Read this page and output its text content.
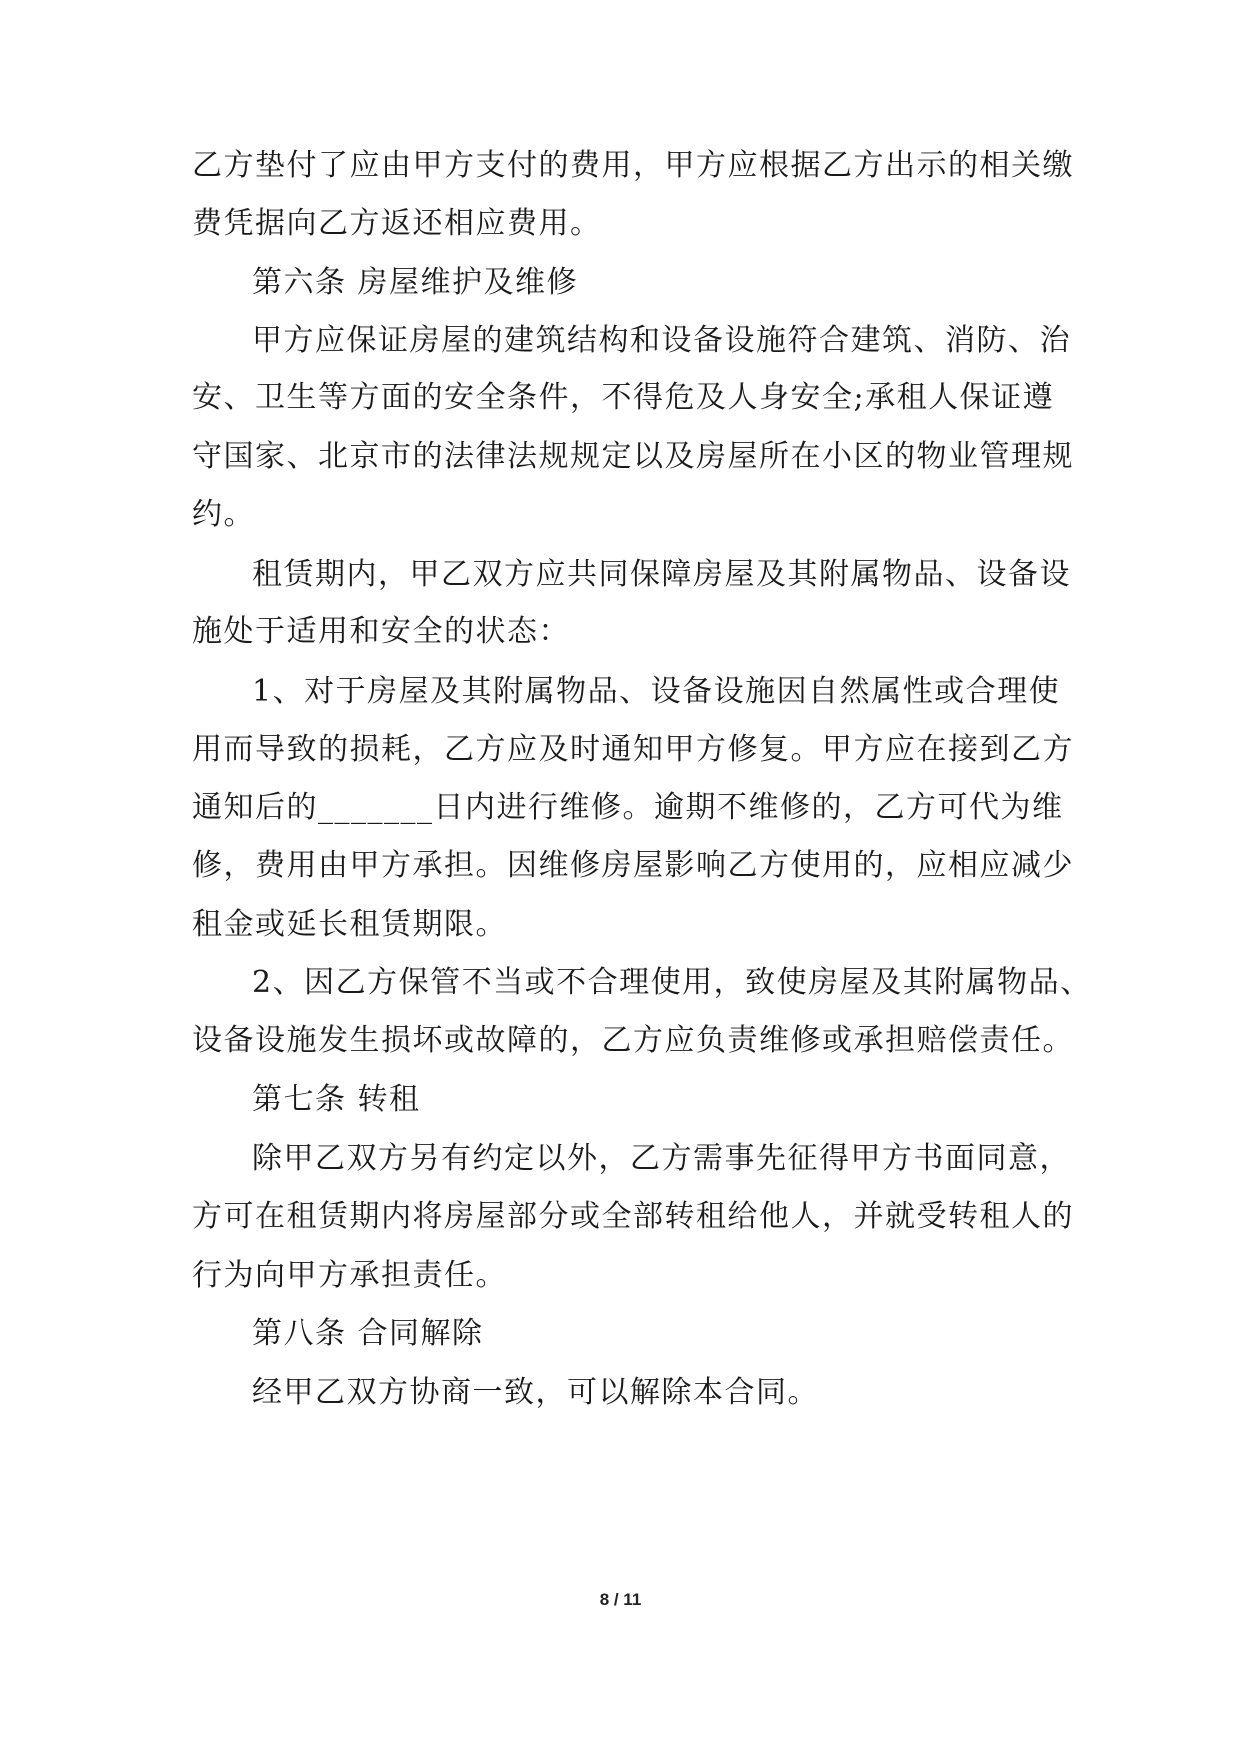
乙方垫付了应由甲方支付的费用，甲方应根据乙方出示的相关缴
费凭据向乙方返还相应费用。
第六条 房屋维护及维修
甲方应保证房屋的建筑结构和设备设施符合建筑、消防、治
安、卫生等方面的安全条件，不得危及人身安全;承租人保证遵
守国家、北京市的法律法规规定以及房屋所在小区的物业管理规
约。
租赁期内，甲乙双方应共同保障房屋及其附属物品、设备设
施处于适用和安全的状态：
1、对于房屋及其附属物品、设备设施因自然属性或合理使
用而导致的损耗，乙方应及时通知甲方修复。甲方应在接到乙方
通知后的_______日内进行维修。逾期不维修的，乙方可代为维
修，费用由甲方承担。因维修房屋影响乙方使用的，应相应减少
租金或延长租赁期限。
2、因乙方保管不当或不合理使用，致使房屋及其附属物品、
设备设施发生损坏或故障的，乙方应负责维修或承担赔偿责任。
第七条 转租
除甲乙双方另有约定以外，乙方需事先征得甲方书面同意，
方可在租赁期内将房屋部分或全部转租给他人，并就受转租人的
行为向甲方承担责任。
第八条 合同解除
经甲乙双方协商一致，可以解除本合同。
8 / 11
